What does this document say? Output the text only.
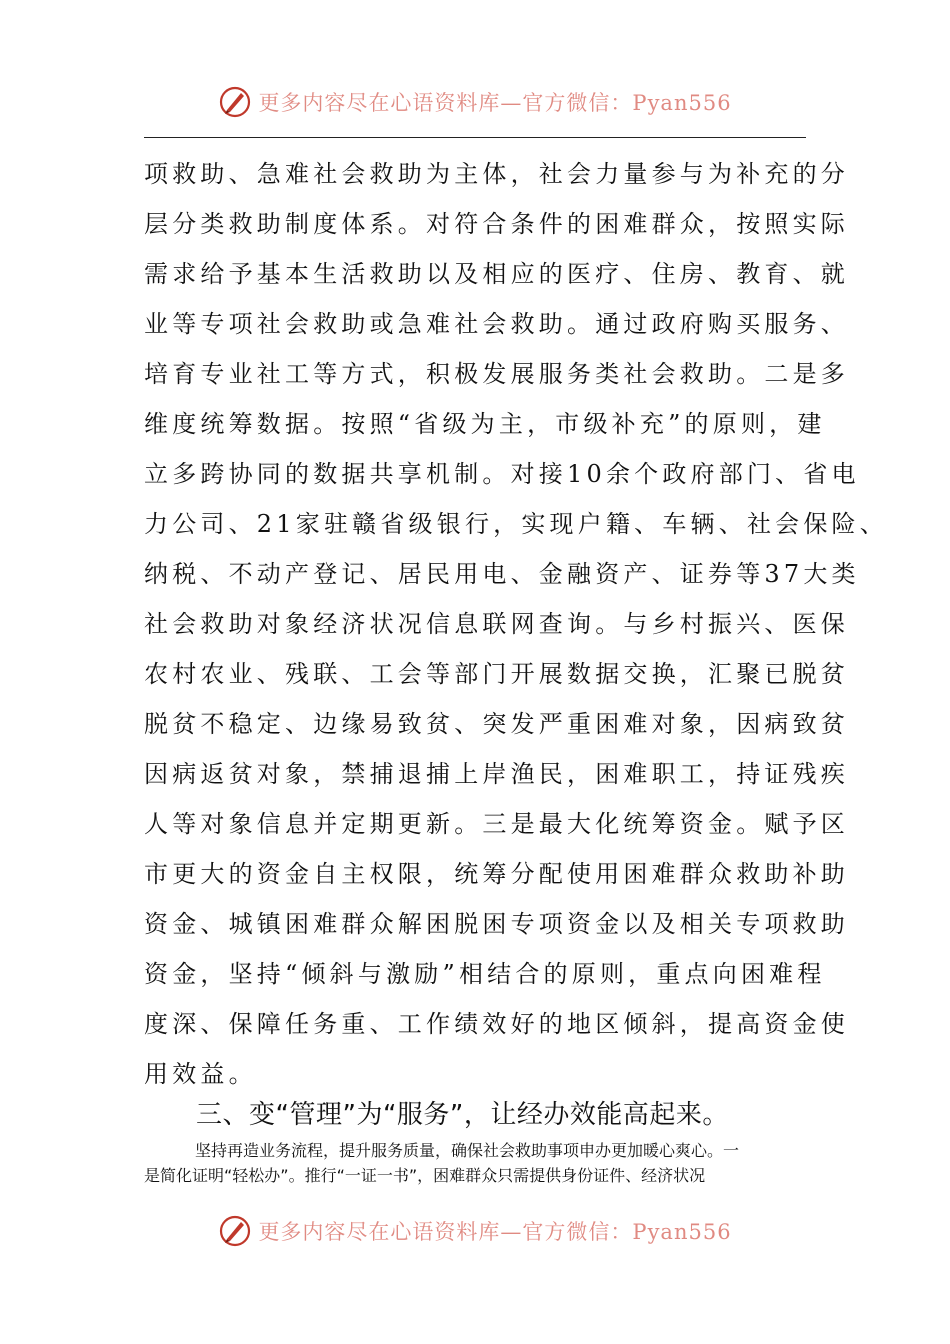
更多内容尽在心语资料库—官方微信：Pyan556
项救助、急难社会救助为主体，社会力量参与为补充的分
层分类救助制度体系。对符合条件的困难群众，按照实际
需求给予基本生活救助以及相应的医疗、住房、教育、就
业等专项社会救助或急难社会救助。通过政府购买服务、
培育专业社工等方式，积极发展服务类社会救助。二是多
维度统筹数据。按照“省级为主，市级补充”的原则，建
立多跨协同的数据共享机制。对接10余个政府部门、省电
力公司、21家驻赣省级银行，实现户籍、车辆、社会保险、
纳税、不动产登记、居民用电、金融资产、证券等37大类
社会救助对象经济状况信息联网查询。与乡村振兴、医保
农村农业、残联、工会等部门开展数据交换，汇聚已脱贫
脱贫不稳定、边缘易致贫、突发严重困难对象，因病致贫
因病返贫对象，禁捕退捕上岸渔民，困难职工，持证残疾
人等对象信息并定期更新。三是最大化统筹资金。赋予区
市更大的资金自主权限，统筹分配使用困难群众救助补助
资金、城镇困难群众解困脱困专项资金以及相关专项救助
资金，坚持“倾斜与激励”相结合的原则，重点向困难程
度深、保障任务重、工作绩效好的地区倾斜，提高资金使
用效益。
三、变“管理”为“服务”，让经办效能高起来。
坚持再造业务流程，提升服务质量，确保社会救助事项申办更加暖心爽心。一
是简化证明“轻松办”。推行“一证一书”，困难群众只需提供身份证件、经济状况
更多内容尽在心语资料库—官方微信：Pyan556
